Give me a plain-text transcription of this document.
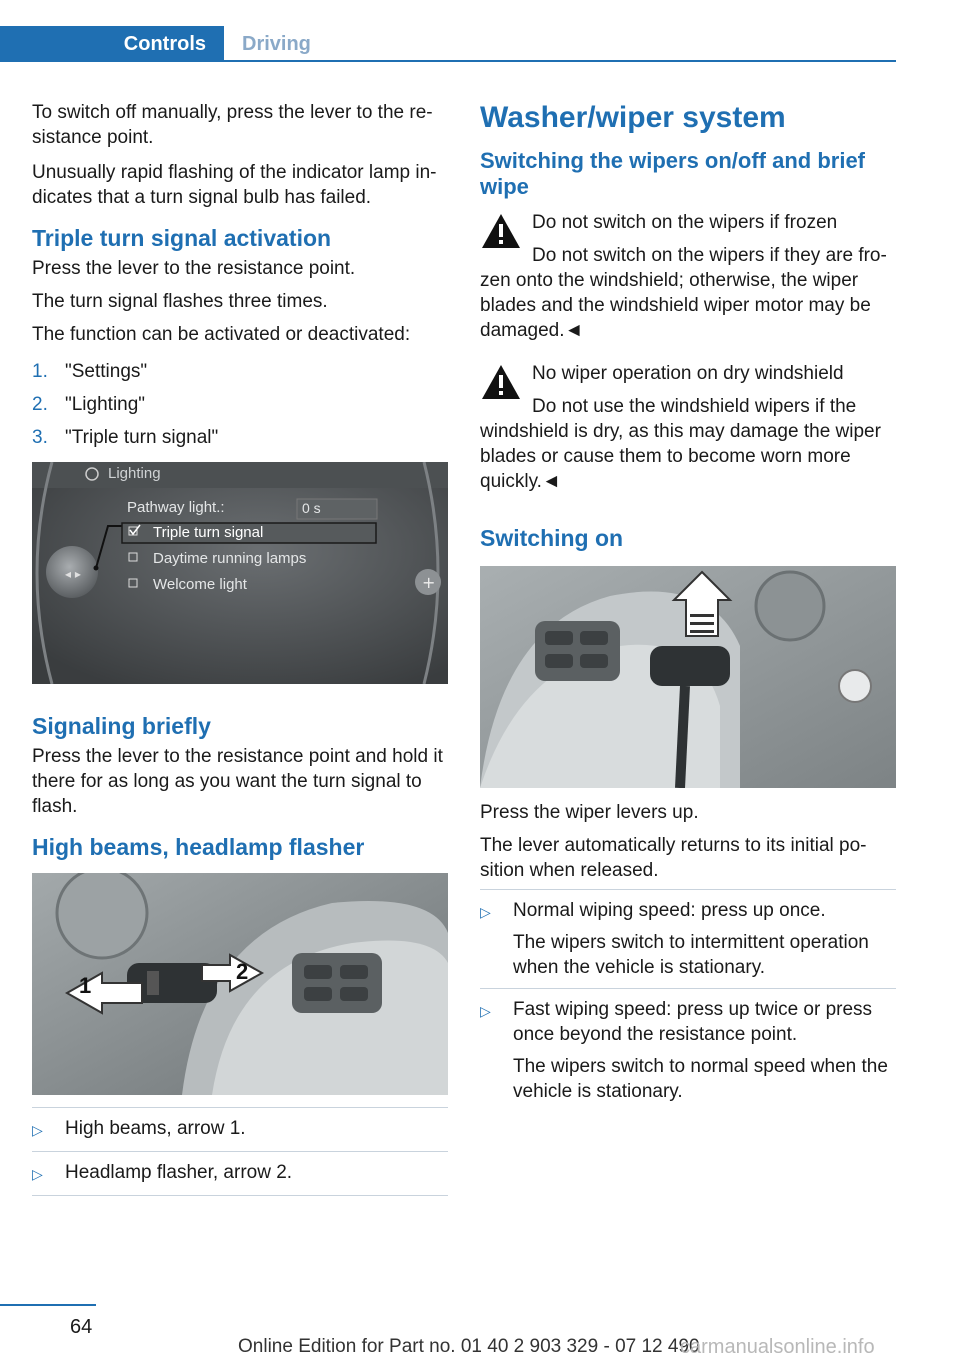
Controls Driving

To switch off manually, press the lever to the re-sistance point.

Unusually rapid flashing of the indicator lamp in-dicates that a turn signal bulb has failed.

Triple turn signal activation

Press the lever to the resistance point.

The turn signal flashes three times.

The function can be activated or deactivated:

1. "Settings"
2. "Lighting"
3. "Triple turn signal"
◂ ▸	+
Lighting
Pathway light.:	0 s
Triple turn signal
Daytime running lamps
Welcome light
Signaling briefly

Press the lever to the resistance point and hold it there for as long as you want the turn signal to flash.

High beams, headlamp flasher
1
2
▷	High beams, arrow 1.
▷	Headlamp flasher, arrow 2.
Washer/wiper system
Switching the wipers on/off and brief wipe

Do not switch on the wipers if frozen

Do not switch on the wipers if they are fro-

zen onto the windshield; otherwise, the wiper blades and the windshield wiper motor may be damaged.◄

No wiper operation on dry windshield

Do not use the windshield wipers if the

windshield is dry, as this may damage the wiper blades or cause them to become worn more quickly.◄

Switching on

Press the wiper levers up.

The lever automatically returns to its initial po-sition when released.

▷	Normal wiping speed: press up once.
The wipers switch to intermittent operation when the vehicle is stationary.
▷	Fast wiping speed: press up twice or press once beyond the resistance point.
The wipers switch to normal speed when the vehicle is stationary.
64
Online Edition for Part no. 01 40 2 903 329 - 07 12 490
carmanualsonline.info
